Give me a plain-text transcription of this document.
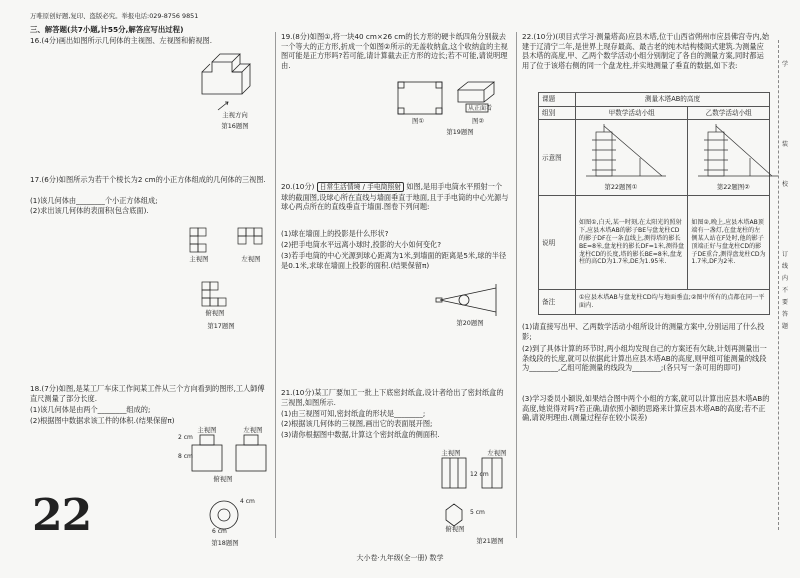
万唯原创好题,复印、盗版必究。举报电话:029-8756 9851
三、解答题(共7小题,计55分,解答应写出过程)
16.(4分)画出如图所示几何体的主视图、左视图和俯视图.
主视方向
第16题图
17.(6分)如图所示为若干个棱长为2 cm的小正方体组成的几何体的三视图.
(1)该几何体由________个小正方体组成;
(2)求出该几何体的表面积(包含底面).
主视图	左视图
俯视图
第17题图
18.(7分)如图,是某工厂车床工作间某工件从三个方向看到的图形,工人師傅直尺测量了部分长度.
(1)该几何体是由两个________组成的;
(2)根据图中数据求该工件的体积.(结果保留π)
主视图	左视图
2 cm
8 cm
俯视图
4 cm
6 cm
第18题图
22
19.(8分)如图①,将一块40 cm×26 cm的长方形的硬卡纸四角分别裁去一个等大的正方形,折成一个如图②所示的无盖收纳盒,这个收纳盒的主视图可能是正方形吗?若可能,请计算截去正方形的边长;若不可能,请说明理由.
从正面看
图①	图②
第19题图
20.(10分) 日常生活情境 / 手电筒照射 如图,是用手电筒水平照射一个球的截面图,设球心所在直线与墙面垂直于地面,且于手电筒的中心光源与球心两点所在的直线垂直于墙面.图卷下列问题:
(1)球在墙面上的投影是什么形状?
(2)把手电筒水平远离小球时,投影的大小如何变化?
(3)若手电筒的中心光源到球心距离为1米,到墙面的距离是5米,球的半径是0.1米,求球在墙面上投影的面积.(结果保留π)
第20题图
21.(10分)某工厂要加工一批上下底密封纸盒,设计者给出了密封纸盒的三视图,如图所示.
(1)由三视图可知,密封纸盒的形状是________;
(2)根据该几何体的三视图,画出它的表面展开图;
(3)请你根据图中数据,计算这个密封纸盒的侧面积.
主视图	左视图
12 cm
5 cm
俯视图
第21题图
22.(10分)(项目式学习·测量塔高)应县木塔,位于山西省朔州市应县佛宫寺内,始建于辽清宁二年,是世界上现存最高、最古老的纯木结构楼阁式建筑.为测量应县木塔的高度,甲、乙两个数学活动小组分别制定了各自的测量方案,同时都运用了位于该塔右侧的同一个盘龙柱,并实地测量了垂直的数据,如下表:
课题	测量木塔AB的高度	
组别	甲数学活动小组	乙数学活动小组
示意图	第22题图①	第22题图②

说明	如图①,白天,某一时刻,在太阳光的照射下,应县木塔AB的影子BE与盘龙柱CD的影子DF在一条直线上,测得塔的影长BE=8米,盘龙柱的影长DF=1米,测得盘龙柱CD的长度,塔的影长BE=8米,盘龙柱的高CD为1.7米,DE为1.95米.	如图②,晚上,应县木塔AB顶端有一盏灯,在盘龙柱的左侧某人站在F处时,他的影子顶端正好与盘龙柱CD的影子DE重合,测得盘龙柱CD为1.7米,DF为2米.
备注	①应县木塔AB与盘龙柱CD均与地面垂直;②图中所有的点都在同一平面内.	
(1)请直接写出甲、乙两数学活动小组所设计的测量方案中,分别运用了什么投影;
(2)到了具体计算的环节时,两小组均发现自己的方案还有欠缺,计划再测量出一条线段的长度,就可以依据此计算出应县木塔AB的高度,则甲组可能测量的线段为________,乙组可能测量的线段为________;(各只写一条可用的即可)
(3)学习委员小颖说,如果结合图中两个小组的方案,就可以计算出应县木塔AB的高度,她说得对吗?若正确,请依照小颖的思路来计算应县木塔AB的高度;若不正确,请说明理由.(测量过程存在较小误差)
学
装
校
订
线
内
不
要
答
题
大小卷·九年级(全一册) 数学
